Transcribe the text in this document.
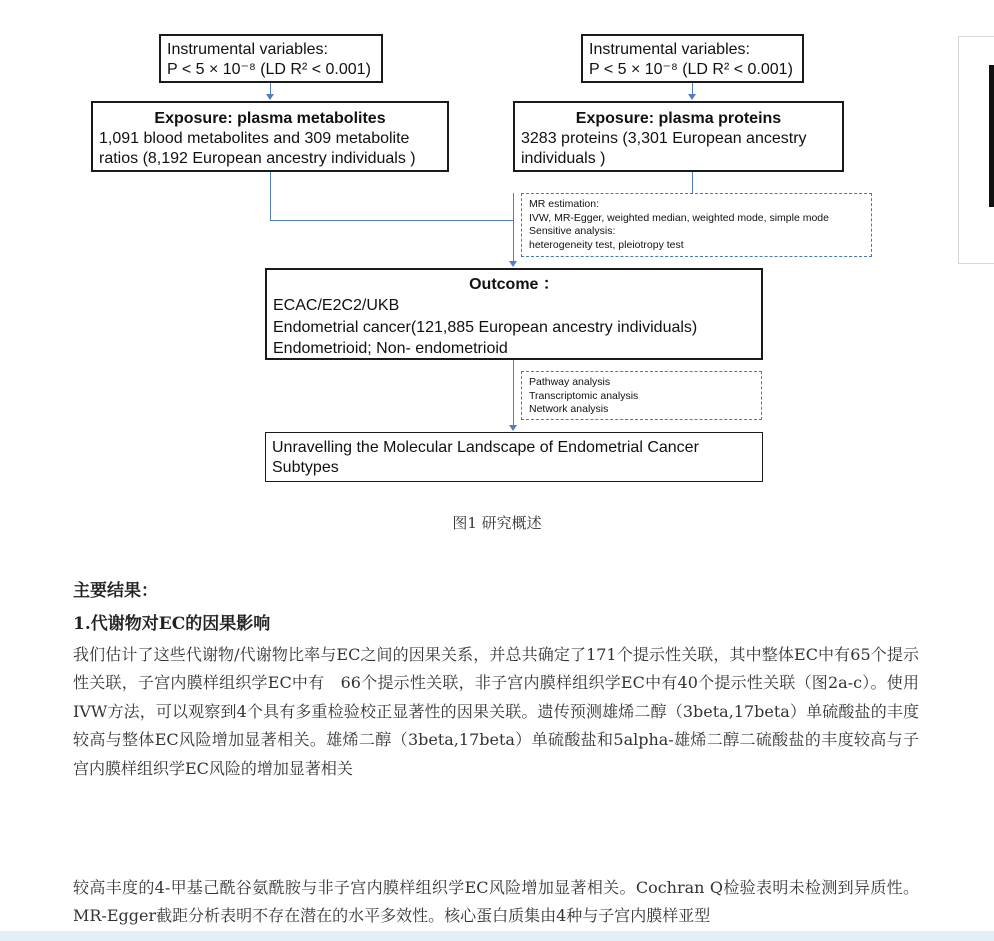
Instrumental variables:
P < 5 × 10⁻⁸ (LD R² < 0.001)
Instrumental variables:
P < 5 × 10⁻⁸ (LD R² < 0.001)
Exposure: plasma metabolites
1,091 blood metabolites and 309 metabolite
ratios (8,192 European ancestry individuals )
Exposure: plasma proteins
3283 proteins (3,301 European ancestry
individuals )
MR estimation:
IVW, MR-Egger, weighted median, weighted mode, simple mode
Sensitive analysis:
heterogeneity test, pleiotropy test
Outcome ：
ECAC/E2C2/UKB
Endometrial cancer(121,885 European ancestry individuals)
Endometrioid; Non- endometrioid
Pathway analysis
Transcriptomic analysis
Network analysis
Unravelling the Molecular Landscape of Endometrial Cancer
Subtypes
图1 研究概述
主要结果：
1.代谢物对EC的因果影响

我们估计了这些代谢物/代谢物比率与EC之间的因果关系，并总共确定了171个提示性关联，其中整体EC中有65个提示性关联，子宫内膜样组织学EC中有　66个提示性关联，非子宫内膜样组织学EC中有40个提示性关联（图2a-c）。使用IVW方法，可以观察到4个具有多重检验校正显著性的因果关联。遗传预测雄烯二醇（3beta,17beta）单硫酸盐的丰度较高与整体EC风险增加显著相关。雄烯二醇（3beta,17beta）单硫酸盐和5alpha-雄烯二醇二硫酸盐的丰度较高与子宫内膜样组织学EC风险的增加显著相关

较高丰度的4-甲基己酰谷氨酰胺与非子宫内膜样组织学EC风险增加显著相关。Cochran Q检验表明未检测到异质性。MR-Egger截距分析表明不存在潜在的水平多效性。核心蛋白质集由4种与子宫内膜样亚型
